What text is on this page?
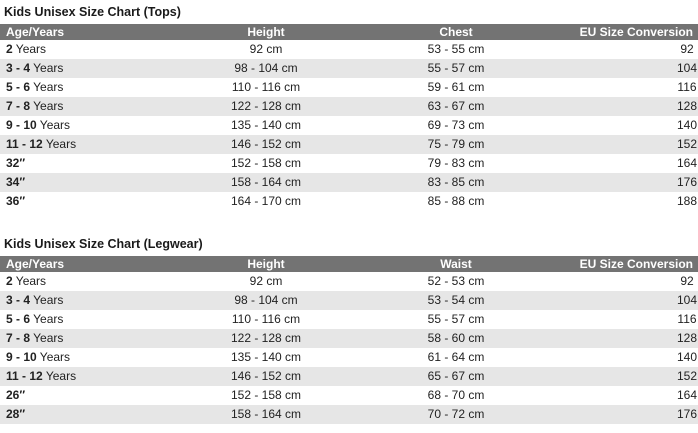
Kids Unisex Size Chart (Tops)
Age/Years	Height	Chest	EU Size Conversion
2 Years	92 cm	53 - 55 cm	92
3 - 4 Years	98 - 104 cm	55 - 57 cm	104
5 - 6 Years	110 - 116 cm	59 - 61 cm	116
7 - 8 Years	122 - 128 cm	63 - 67 cm	128
9 - 10 Years	135 - 140 cm	69 - 73 cm	140
11 - 12 Years	146 - 152 cm	75 - 79 cm	152
32″	152 - 158 cm	79 - 83 cm	164
34″	158 - 164 cm	83 - 85 cm	176
36″	164 - 170 cm	85 - 88 cm	188
Kids Unisex Size Chart (Legwear)
Age/Years	Height	Waist	EU Size Conversion
2 Years	92 cm	52 - 53 cm	92
3 - 4 Years	98 - 104 cm	53 - 54 cm	104
5 - 6 Years	110 - 116 cm	55 - 57 cm	116
7 - 8 Years	122 - 128 cm	58 - 60 cm	128
9 - 10 Years	135 - 140 cm	61 - 64 cm	140
11 - 12 Years	146 - 152 cm	65 - 67 cm	152
26″	152 - 158 cm	68 - 70 cm	164
28″	158 - 164 cm	70 - 72 cm	176
